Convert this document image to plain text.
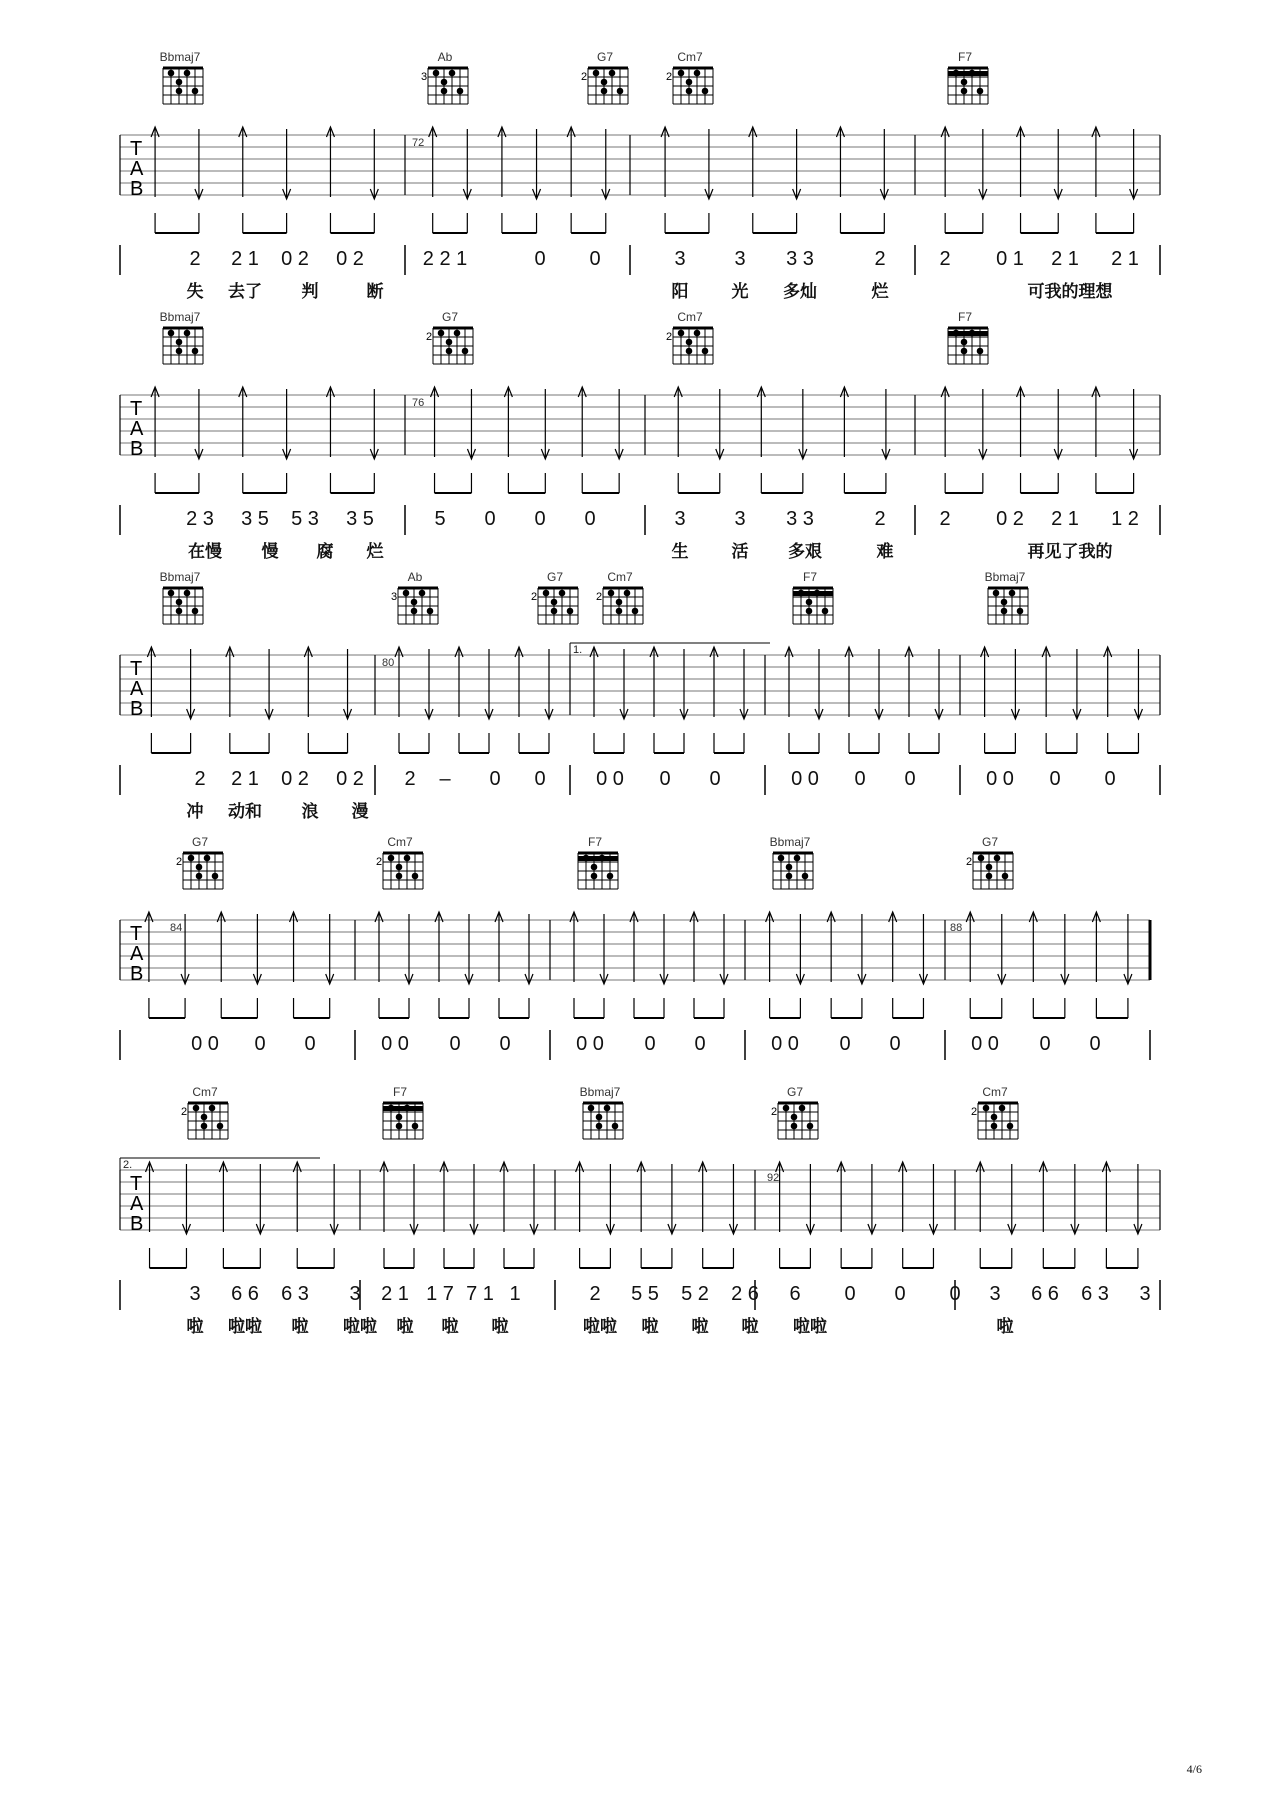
Bbmaj7	Ab
3
G7
2
Cm7
2
F7
T
A
B
72
2 2 1 0 2 0 2	2 2 1	0 0	3 3 3 3	2	2 0 1 2 1 2 1
失 去了 判	断	阳	光 多灿	烂	可我的理想
Bbmaj7	G7
2
Cm7
2
F7
T
A
B
76
2 3 3 5 5 3 3 5	5 0 0 0	3 3 3 3	2	2 0 2 2 1 1 2
在慢 慢 腐 烂	生	活 多艰	难	再见了我的
Bbmaj7	Ab
3
G7
2
Cm7
2
F7	Bbmaj7
T
A
B
80
1.
2 2 1 0 2 0 2 2 – 0 0	0 0 0 0	0 0 0 0	0 0 0 0
冲 动和 浪 漫
G7
2
Cm7
2
F7	Bbmaj7	G7
2
T
A
B
84	88
0 0 0 0	0 0 0 0	0 0 0 0	0 0 0 0	0 0 0 0
Cm7
2
F7	Bbmaj7	G7
2
Cm7
2
T
A
B
92
2.
3 6 6 6 3 3 2 1 1 7 7 1 1	2 5 5 5 2 2 6 6 0 0 0 3 6 6 6 3 3
啦 啦啦 啦 啦啦 啦 啦 啦	啦啦 啦 啦 啦 啦啦	啦
4/6
